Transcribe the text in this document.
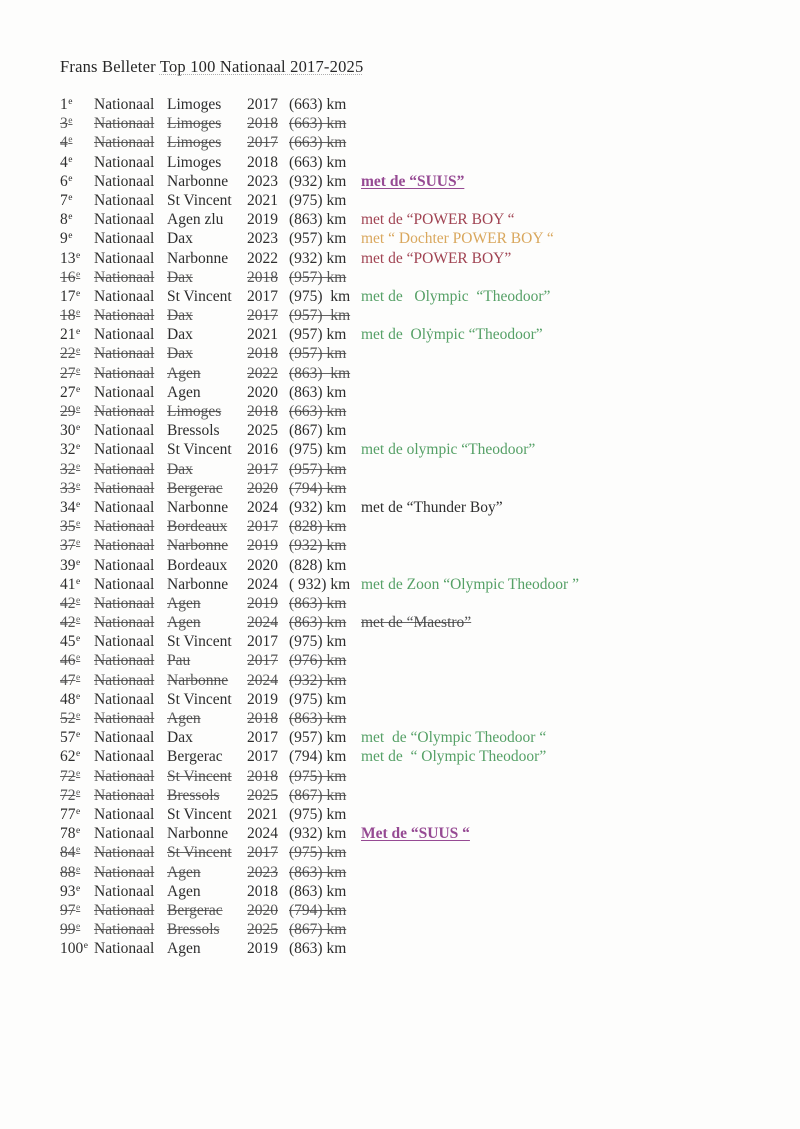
Frans Belleter Top 100 Nationaal 2017-2025
1e	Nationaal Limoges	2017 (663) km
3e	Nationaal Limoges	2018 (663) km
4e	Nationaal Limoges	2017 (663) km
4e	Nationaal Limoges	2018 (663) km
6e	Nationaal Narbonne	2023 (932) km met de “SUUS”
7e	Nationaal St Vincent 2021 (975) km
8e	Nationaal Agen zlu	2019 (863) km met de “POWER BOY “
9e	Nationaal Dax	2023 (957) km met “ Dochter POWER BOY “
13e Nationaal Narbonne	2022 (932) km met de “POWER BOY”
16e Nationaal Dax	2018 (957) km
17e Nationaal St Vincent 2017 (975)  km met de   Olympic  “Theodoor”
18e Nationaal Dax	2017 (957)  km
21e Nationaal Dax	2021 (957) km met de  Olẏmpic “Theodoor”
22e Nationaal Dax	2018 (957) km
27e Nationaal Agen	2022 (863)  km
27e Nationaal Agen	2020 (863) km
29e Nationaal Limoges	2018 (663) km
30e Nationaal Bressols	2025 (867) km
32e Nationaal St Vincent 2016 (975) km met de olympic “Theodoor”
32e Nationaal Dax	2017 (957) km
33e Nationaal Bergerac	2020 (794) km
34e Nationaal Narbonne	2024 (932) km met de “Thunder Boy”
35e Nationaal Bordeaux	2017 (828) km
37e Nationaal Narbonne	2019 (932) km
39e Nationaal Bordeaux	2020 (828) km
41e Nationaal Narbonne	2024 ( 932) km met de Zoon “Olympic Theodoor ”
42e Nationaal Agen	2019 (863) km
42e Nationaal Agen	2024 (863) km met de “Maestro”
45e Nationaal St Vincent 2017 (975) km
46e Nationaal Pau	2017 (976) km
47e Nationaal Narbonne	2024 (932) km
48e Nationaal St Vincent 2019 (975) km
52e Nationaal Agen	2018 (863) km
57e Nationaal Dax	2017 (957) km met  de “Olympic Theodoor “
62e Nationaal Bergerac	2017 (794) km met de  “ Olympic Theodoor”
72e Nationaal St Vincent 2018 (975) km
72e Nationaal Bressols	2025 (867) km
77e Nationaal St Vincent 2021 (975) km
78e Nationaal Narbonne	2024 (932) km Met de “SUUS “
84e Nationaal St Vincent 2017 (975) km
88e Nationaal Agen	2023 (863) km
93e Nationaal Agen	2018 (863) km
97e Nationaal Bergerac	2020 (794) km
99e Nationaal Bressols	2025 (867) km
100e Nationaal Agen	2019 (863) km
